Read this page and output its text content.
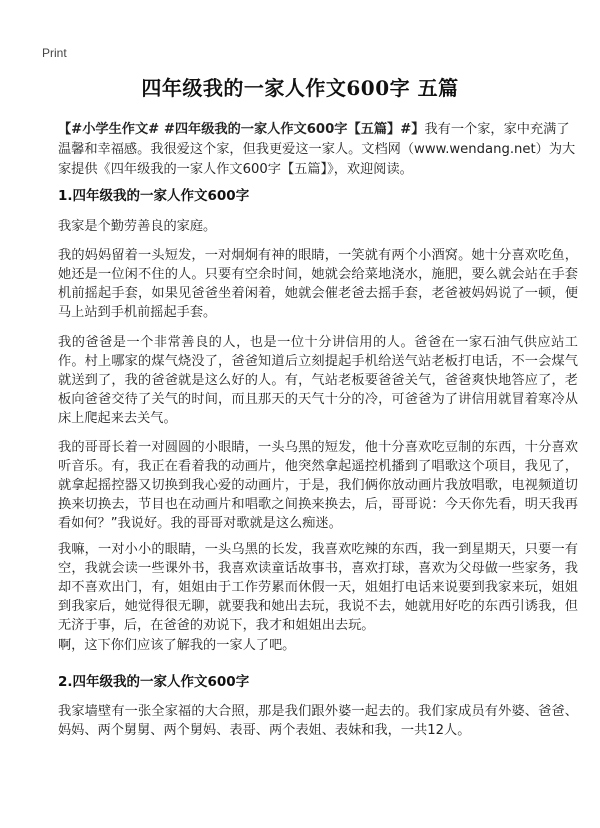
Print
四年级我的一家人作文600字 五篇
【#小学生作文# #四年级我的一家人作文600字【五篇】#】我有一个家，家中充满了温馨和幸福感。我很爱这个家，但我更爱这一家人。文档网（www.wendang.net）为大家提供《四年级我的一家人作文600字【五篇】》，欢迎阅读。
1.四年级我的一家人作文600字
我家是个勤劳善良的家庭。
我的妈妈留着一头短发，一对炯炯有神的眼睛，一笑就有两个小酒窝。她十分喜欢吃鱼，她还是一位闲不住的人。只要有空余时间，她就会给菜地浇水，施肥，要么就会站在手套机前摇起手套，如果见爸爸坐着闲着，她就会催老爸去摇手套，老爸被妈妈说了一顿，便马上站到手机前摇起手套。
我的爸爸是一个非常善良的人，也是一位十分讲信用的人。爸爸在一家石油气供应站工作。村上哪家的煤气烧没了，爸爸知道后立刻提起手机给送气站老板打电话，不一会煤气就送到了，我的爸爸就是这么好的人。有，气站老板要爸爸关气，爸爸爽快地答应了，老板向爸爸交待了关气的时间，而且那天的天气十分的冷，可爸爸为了讲信用就冒着寒冷从床上爬起来去关气。
我的哥哥长着一对圆圆的小眼睛，一头乌黑的短发，他十分喜欢吃豆制的东西，十分喜欢听音乐。有，我正在看着我的动画片，他突然拿起遥控机播到了唱歌这个项目，我见了，就拿起摇控器又切换到我心爱的动画片，于是，我们俩你放动画片我放唱歌，电视频道切换来切换去，节目也在动画片和唱歌之间换来换去，后，哥哥说：今天你先看，明天我再看如何？”我说好。我的哥哥对歌就是这么痴迷。
我嘛，一对小小的眼睛，一头乌黑的长发，我喜欢吃辣的东西，我一到星期天，只要一有空，我就会读一些课外书，我喜欢读童话故事书，喜欢打球，喜欢为父母做一些家务，我却不喜欢出门，有，姐姐由于工作劳累而休假一天，姐姐打电话来说要到我家来玩，姐姐到我家后，她觉得很无聊，就要我和她出去玩，我说不去，她就用好吃的东西引诱我，但无济于事，后，在爸爸的劝说下，我才和姐姐出去玩。
啊，这下你们应该了解我的一家人了吧。
2.四年级我的一家人作文600字
我家墙壁有一张全家福的大合照，那是我们跟外婆一起去的。我们家成员有外婆、爸爸、妈妈、两个舅舅、两个舅妈、表哥、两个表姐、表妹和我，一共12人。
